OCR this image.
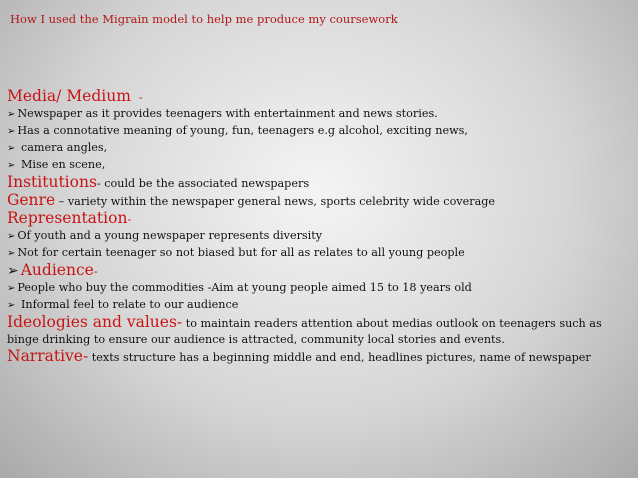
How I used the Migrain model to help me produce my coursework
Media/ Medium -
➢ Newspaper as it provides teenagers with entertainment and news stories.
➢ Has a connotative meaning of young, fun, teenagers e.g alcohol, exciting news,
➢ camera angles,
➢ Mise en scene,
Institutions- could be the associated newspapers
Genre – variety within the newspaper general news, sports celebrity wide coverage
Representation-
➢ Of youth and a young newspaper represents diversity
➢ Not for certain teenager so not biased but for all as relates to all young people
➢ Audience-
➢ People who buy the commodities -Aim at young people aimed 15 to 18 years old
➢ Informal feel to relate to our audience
Ideologies and values- to maintain readers attention about medias outlook on teenagers such as binge drinking to ensure our audience is attracted, community local stories and events.
Narrative- texts structure has a beginning middle and end, headlines pictures, name of newspaper
